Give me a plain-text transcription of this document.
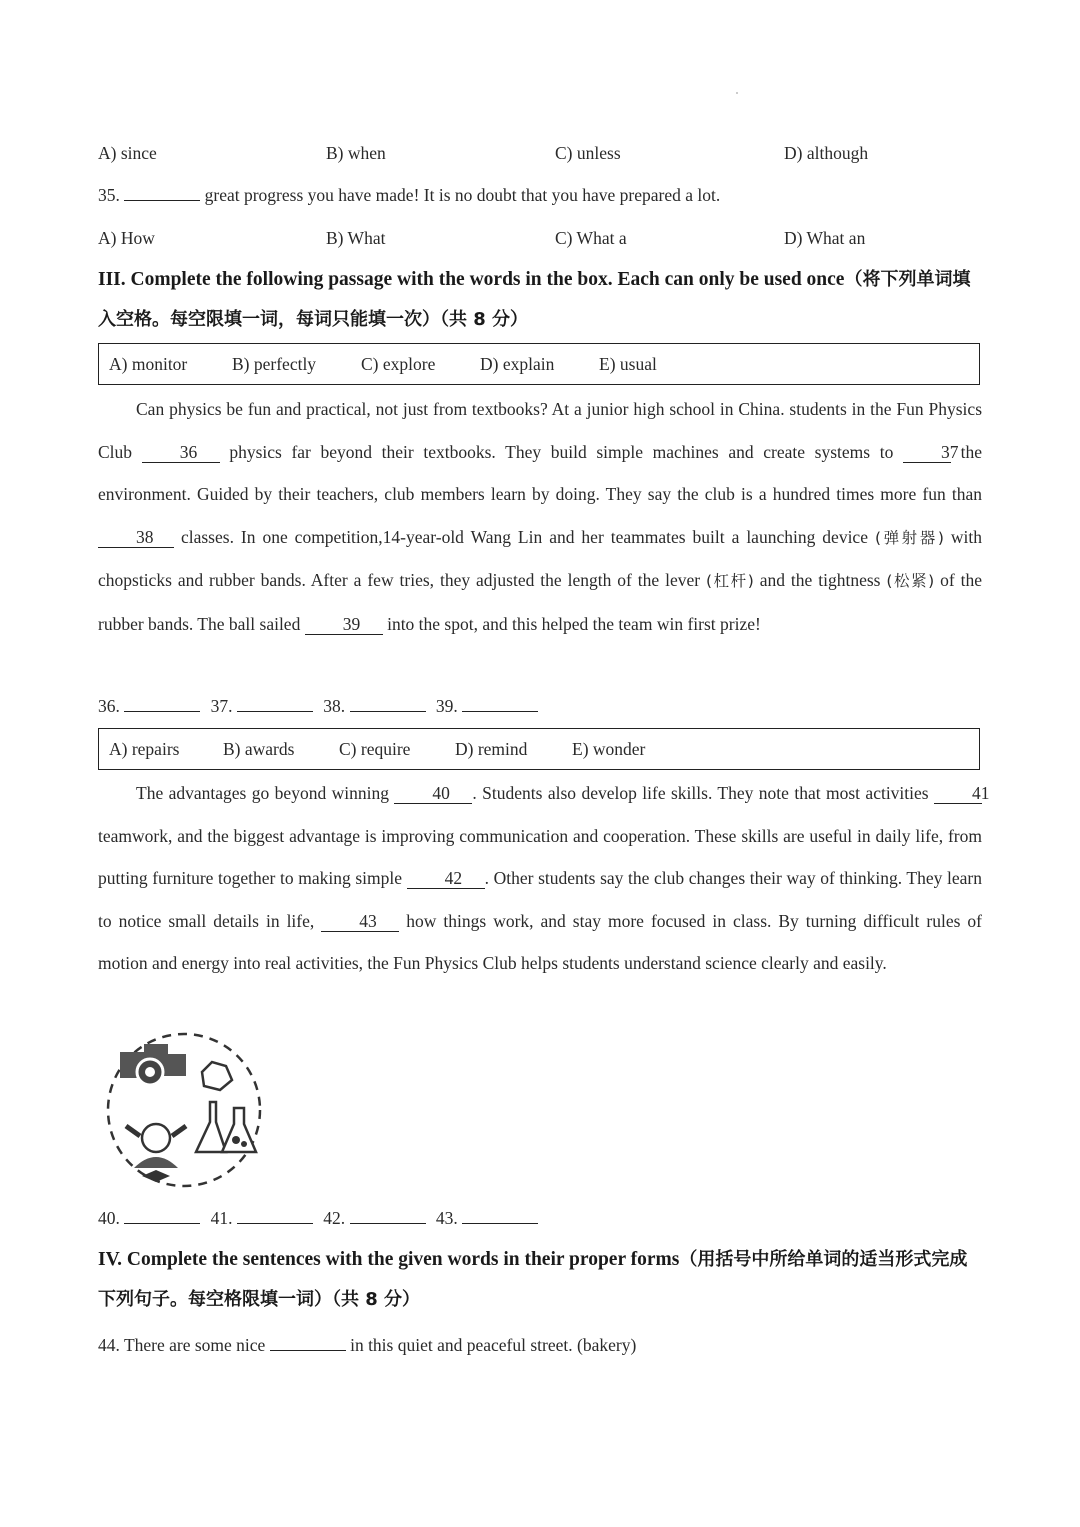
A) since	B) when	C) unless	D) although
35.	great progress you have made! It is no doubt that you have prepared a lot.
A) How	B) What	C) What a	D) What an
III. Complete the following passage with the words in the box. Each can only be used once（将下列单词填入空格。每空限填一词，每词只能填一次）（共 8 分）
A) monitor	B) perfectly	C) explore	D) explain	E) usual

Can physics be fun and practical, not just from textbooks? At a junior high school in China. students in the Fun Physics Club	36 physics far beyond their textbooks. They build simple machines and create systems to	37 the environment. Guided by their teachers, club members learn by doing. They say the club is a hundred times more fun than 38 classes. In one competition,14-year-old Wang Lin and her teammates built a launching device (弹射器) with chopsticks and rubber bands. After a few tries, they adjusted the length of the lever (杠杆) and the tightness (松紧) of the rubber bands. The ball sailed 39 into the spot, and this helped the team win first prize!

36.	37.	38.	39.
A) repairs B) awards	C) require	D) remind	E) wonder

The advantages go beyond winning 40 . Students also develop life skills. They note that most activities 41 teamwork, and the biggest advantage is improving communication and cooperation. These skills are useful in daily life, from putting furniture together to making simple 42 . Other students say the club changes their way of thinking. They learn to notice small details in life,	43 how things work, and stay more focused in class. By turning difficult rules of motion and energy into real activities, the Fun Physics Club helps students understand science clearly and easily.

40.	41.	42.	43.
IV. Complete the sentences with the given words in their proper forms（用括号中所给单词的适当形式完成下列句子。每空格限填一词）（共 8 分）
44. There are some nice	in this quiet and peaceful street. (bakery)
